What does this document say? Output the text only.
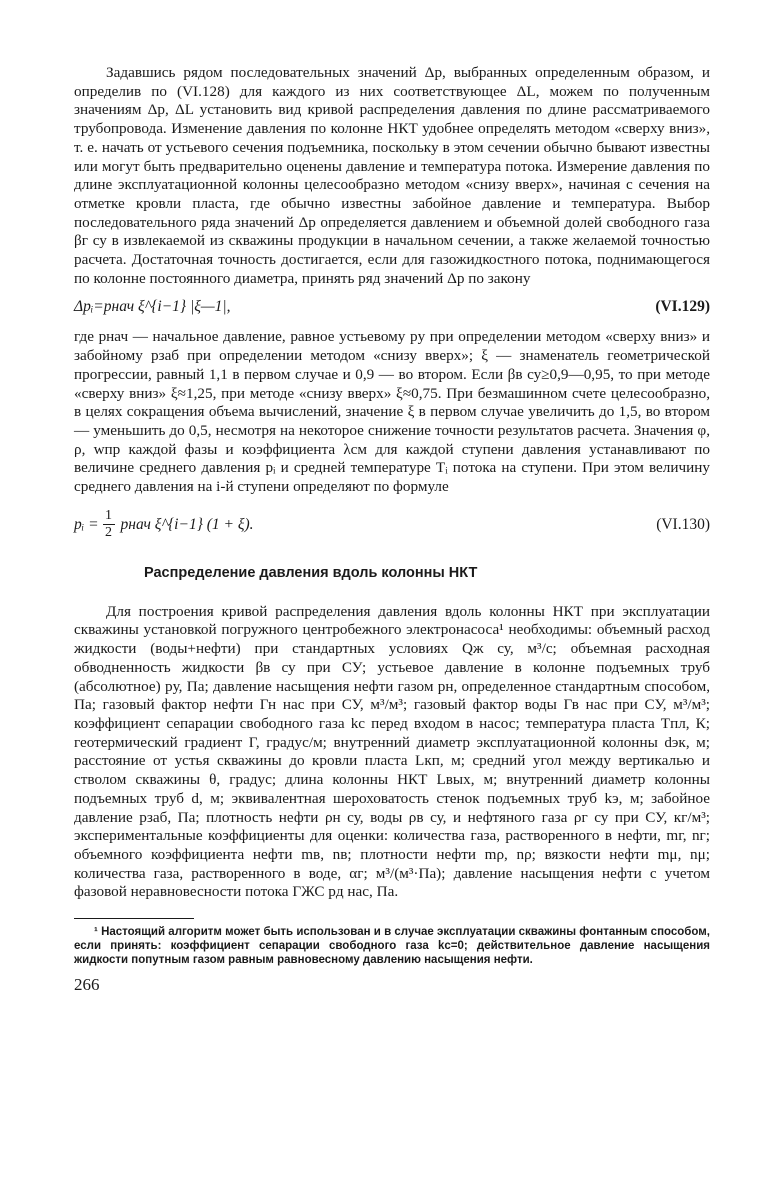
Задавшись рядом последовательных значений Δp, выбранных определенным образом, и определив по (VI.128) для каждого из них соответствующее ΔL, можем по полученным значениям Δp, ΔL установить вид кривой распределения давления по длине рассматриваемого трубопровода. Изменение давления по колонне НКТ удобнее определять методом «сверху вниз», т. е. начать от устьевого сечения подъемника, поскольку в этом сечении обычно бывают известны или могут быть предварительно оценены давление и температура потока. Измерение давления по длине эксплуатационной колонны целесообразно методом «снизу вверх», начиная с сечения на отметке кровли пласта, где обычно известны забойное давление и температура. Выбор последовательного ряда значений Δp определяется давлением и объемной долей свободного газа βг су в извлекаемой из скважины продукции в начальном сечении, а также желаемой точностью расчета. Достаточная точность достигается, если для газожидкостного потока, поднимающегося по колонне постоянного диаметра, принять ряд значений Δp по закону

Δpᵢ=pнач ξ^{i−1} |ξ—1|,	(VI.129)

где pнач — начальное давление, равное устьевому pу при определении методом «сверху вниз» и забойному pзаб при определении методом «снизу вверх»; ξ — знаменатель геометрической прогрессии, равный 1,1 в первом случае и 0,9 — во втором. Если βв су≥0,9—0,95, то при методе «сверху вниз» ξ≈1,25, при методе «снизу вверх» ξ≈0,75. При безмашинном счете целесообразно, в целях сокращения объема вычислений, значение ξ в первом случае увеличить до 1,5, во втором — уменьшить до 0,5, несмотря на некоторое снижение точности результатов расчета. Значения φ, ρ, wпр каждой фазы и коэффициента λсм для каждой ступени давления устанавливают по величине среднего давления pᵢ и средней температуре Tᵢ потока на ступени. При этом величину среднего давления на i-й ступени определяют по формуле

pᵢ = $\frac{1}{2}$ pнач ξ^{i−1} (1 + ξ).	(VI.130)
Распределение давления вдоль колонны НКТ

Для построения кривой распределения давления вдоль колонны НКТ при эксплуатации скважины установкой погружного центробежного электронасоса¹ необходимы: объемный расход жидкости (воды+нефти) при стандартных условиях Qж су, м³/с; объемная расходная обводненность жидкости βв су при СУ; устьевое давление в колонне подъемных труб (абсолютное) pу, Па; давление насыщения нефти газом pн, определенное стандартным способом, Па; газовый фактор нефти Гн нас при СУ, м³/м³; газовый фактор воды Гв нас при СУ, м³/м³; коэффициент сепарации свободного газа kс перед входом в насос; температура пласта Tпл, К; геотермический градиент Г, градус/м; внутренний диаметр эксплуатационной колонны dэк, м; расстояние от устья скважины до кровли пласта Lкп, м; средний угол между вертикалью и стволом скважины θ, градус; длина колонны НКТ Lвых, м; внутренний диаметр колонны подъемных труб d, м; эквивалентная шероховатость стенок подъемных труб kэ, м; забойное давление pзаб, Па; плотность нефти ρн су, воды ρв су, и нефтяного газа ρг су при СУ, кг/м³; экспериментальные коэффициенты для оценки: количества газа, растворенного в нефти, mг, nг; объемного коэффициента нефти mв, nв; плотности нефти mρ, nρ; вязкости нефти mμ, nμ; количества газа, растворенного в воде, αг; м³/(м³·Па); давление насыщения нефти с учетом фазовой неравновесности потока ГЖС pд нас, Па.

¹ Настоящий алгоритм может быть использован и в случае эксплуатации скважины фонтанным способом, если принять: коэффициент сепарации свободного газа kс=0; действительное давление насыщения жидкости попутным газом равным равновесному давлению насыщения нефти.

266
